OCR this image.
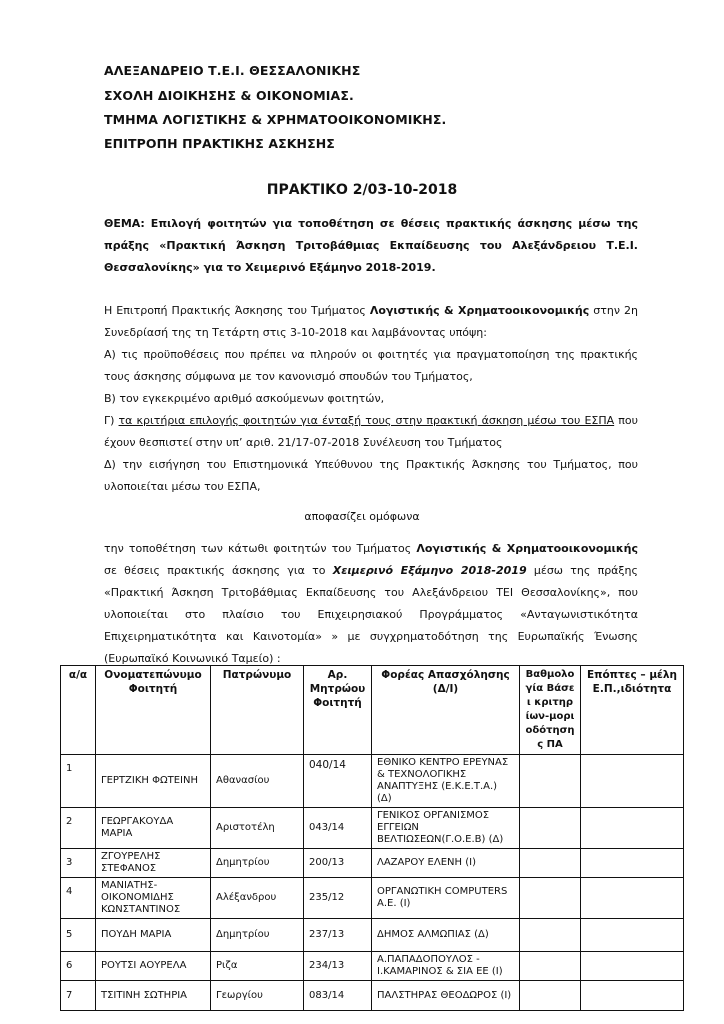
ΑΛΕΞΑΝΔΡΕΙΟ Τ.Ε.Ι. ΘΕΣΣΑΛΟΝΙΚΗΣ
ΣΧΟΛΗ ΔΙΟΙΚΗΣΗΣ & ΟΙΚΟΝΟΜΙΑΣ.
ΤΜΗΜΑ ΛΟΓΙΣΤΙΚΗΣ & ΧΡΗΜΑΤΟΟΙΚΟΝΟΜΙΚΗΣ.
ΕΠΙΤΡΟΠΗ ΠΡΑΚΤΙΚΗΣ ΑΣΚΗΣΗΣ
ΠΡΑΚΤΙΚΟ 2/03-10-2018
ΘΕΜΑ: Επιλογή φοιτητών για τοποθέτηση σε θέσεις πρακτικής άσκησης μέσω της πράξης «Πρακτική Άσκηση Τριτοβάθμιας Εκπαίδευσης του Αλεξάνδρειου Τ.Ε.Ι. Θεσσαλονίκης» για το Χειμερινό Εξάμηνο 2018-2019.
Η Επιτροπή Πρακτικής Άσκησης του Τμήματος Λογιστικής & Χρηματοοικονομικής στην 2η Συνεδρίασή της τη Τετάρτη στις 3-10-2018 και λαμβάνοντας υπόψη:
Α) τις προϋποθέσεις που πρέπει να πληρούν οι φοιτητές για πραγματοποίηση της πρακτικής τους άσκησης σύμφωνα με τον κανονισμό σπουδών του Τμήματος,
Β) τον εγκεκριμένο αριθμό ασκούμενων φοιτητών,
Γ) τα κριτήρια επιλογής φοιτητών για ένταξή τους στην πρακτική άσκηση μέσω του ΕΣΠΑ που έχουν θεσπιστεί στην υπ’ αριθ. 21/17-07-2018 Συνέλευση του Τμήματος
Δ) την εισήγηση του Επιστημονικά Υπεύθυνου της Πρακτικής Άσκησης του Τμήματος, που υλοποιείται μέσω του ΕΣΠΑ,
αποφασίζει ομόφωνα
την τοποθέτηση των κάτωθι φοιτητών του Τμήματος Λογιστικής & Χρηματοοικονομικής σε θέσεις πρακτικής άσκησης για το Χειμερινό Εξάμηνο 2018-2019 μέσω της πράξης «Πρακτική Άσκηση Τριτοβάθμιας Εκπαίδευσης του Αλεξάνδρειου ΤΕΙ Θεσσαλονίκης», που υλοποιείται στο πλαίσιο του Επιχειρησιακού Προγράμματος «Ανταγωνιστικότητα Επιχειρηματικότητα και Καινοτομία» » με συγχρηματοδότηση της Ευρωπαϊκής Ένωσης (Ευρωπαϊκό Κοινωνικό Ταμείο) :
α/α	Ονοματεπώνυμο Φοιτητή	Πατρώνυμο	Αρ. Μητρώου Φοιτητή	Φορέας Απασχόλησης (Δ/Ι)	Βαθμολογία Βάσει κριτηρίων-μοριοδότησης ΠΑ	Επόπτες – μέλη Ε.Π.,ιδιότητα
1	ΓΕΡΤΖΙΚΗ ΦΩΤΕΙΝΗ	Αθανασίου	040/14	ΕΘΝΙΚΟ ΚΕΝΤΡΟ ΕΡΕΥΝΑΣ & ΤΕΧΝΟΛΟΓΙΚΗΣ ΑΝΑΠΤΥΞΗΣ (Ε.Κ.Ε.Τ.Α.) (Δ)		
2	ΓΕΩΡΓΑΚΟΥΔΑ ΜΑΡΙΑ	Αριστοτέλη	043/14	ΓΕΝΙΚΟΣ ΟΡΓΑΝΙΣΜΟΣ ΕΓΓΕΙΩΝ ΒΕΛΤΙΩΣΕΩΝ(Γ.Ο.Ε.Β) (Δ)		
3	ΖΓΟΥΡΕΛΗΣ ΣΤΕΦΑΝΟΣ	Δημητρίου	200/13	ΛΑΖΑΡΟΥ ΕΛΕΝΗ (Ι)		
4	ΜΑΝΙΑΤΗΣ-ΟΙΚΟΝΟΜΙΔΗΣ ΚΩΝΣΤΑΝΤΙΝΟΣ	Αλέξανδρου	235/12	ΟΡΓΑΝΩΤΙΚΗ COMPUTERS Α.Ε. (Ι)		
5	ΠΟΥΔΗ ΜΑΡΙΑ	Δημητρίου	237/13	ΔΗΜΟΣ ΑΛΜΩΠΙΑΣ (Δ)		
6	ΡΟΥΤΣΙ ΑΟΥΡΕΛΑ	Ριζα	234/13	Α.ΠΑΠΑΔΟΠΟΥΛΟΣ - Ι.ΚΑΜΑΡΙΝΟΣ & ΣΙΑ ΕΕ (Ι)		
7	ΤΣΙΤΙΝΗ ΣΩΤΗΡΙΑ	Γεωργίου	083/14	ΠΑΛΣΤΗΡΑΣ ΘΕΟΔΩΡΟΣ (Ι)		
